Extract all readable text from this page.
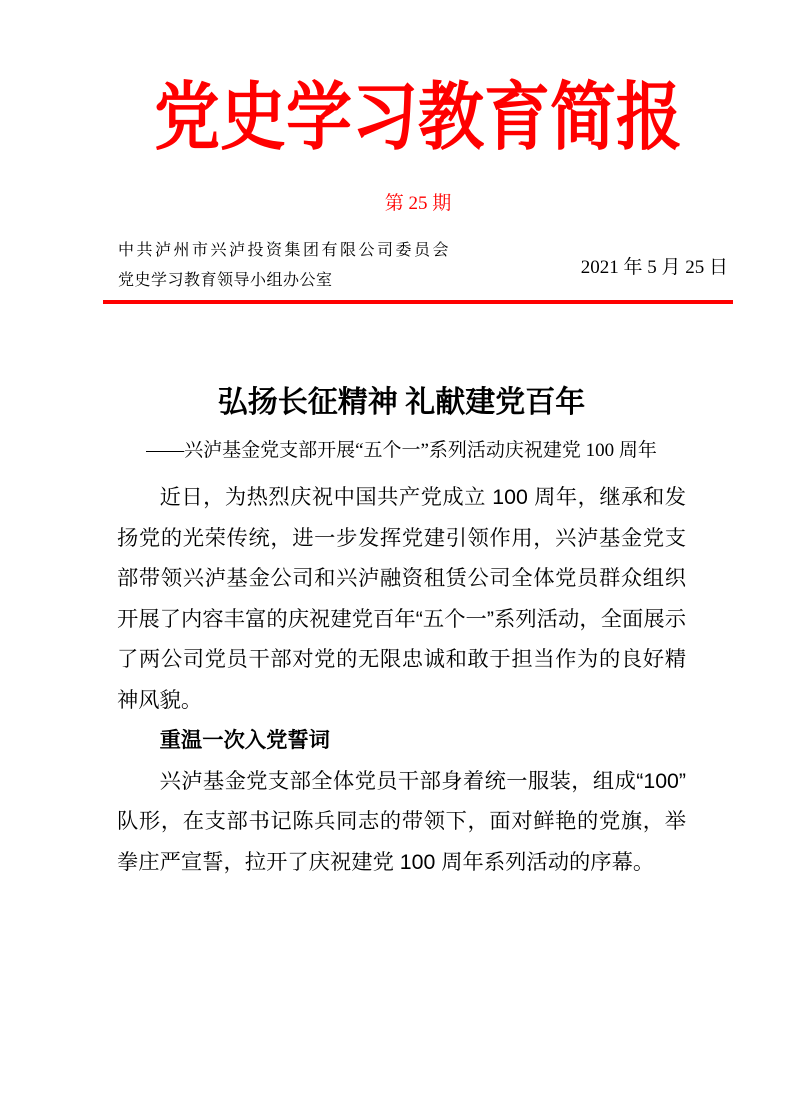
党史学习教育简报
第 25 期
中共泸州市兴泸投资集团有限公司委员会
党史学习教育领导小组办公室
2021 年 5 月 25 日
弘扬长征精神 礼献建党百年

——兴泸基金党支部开展“五个一”系列活动庆祝建党 100 周年

近日，为热烈庆祝中国共产党成立 100 周年，继承和发扬党的光荣传统，进一步发挥党建引领作用，兴泸基金党支部带领兴泸基金公司和兴泸融资租赁公司全体党员群众组织开展了内容丰富的庆祝建党百年“五个一”系列活动，全面展示了两公司党员干部对党的无限忠诚和敢于担当作为的良好精神风貌。

重温一次入党誓词

兴泸基金党支部全体党员干部身着统一服装，组成“100”队形，在支部书记陈兵同志的带领下，面对鲜艳的党旗，举拳庄严宣誓，拉开了庆祝建党 100 周年系列活动的序幕。
